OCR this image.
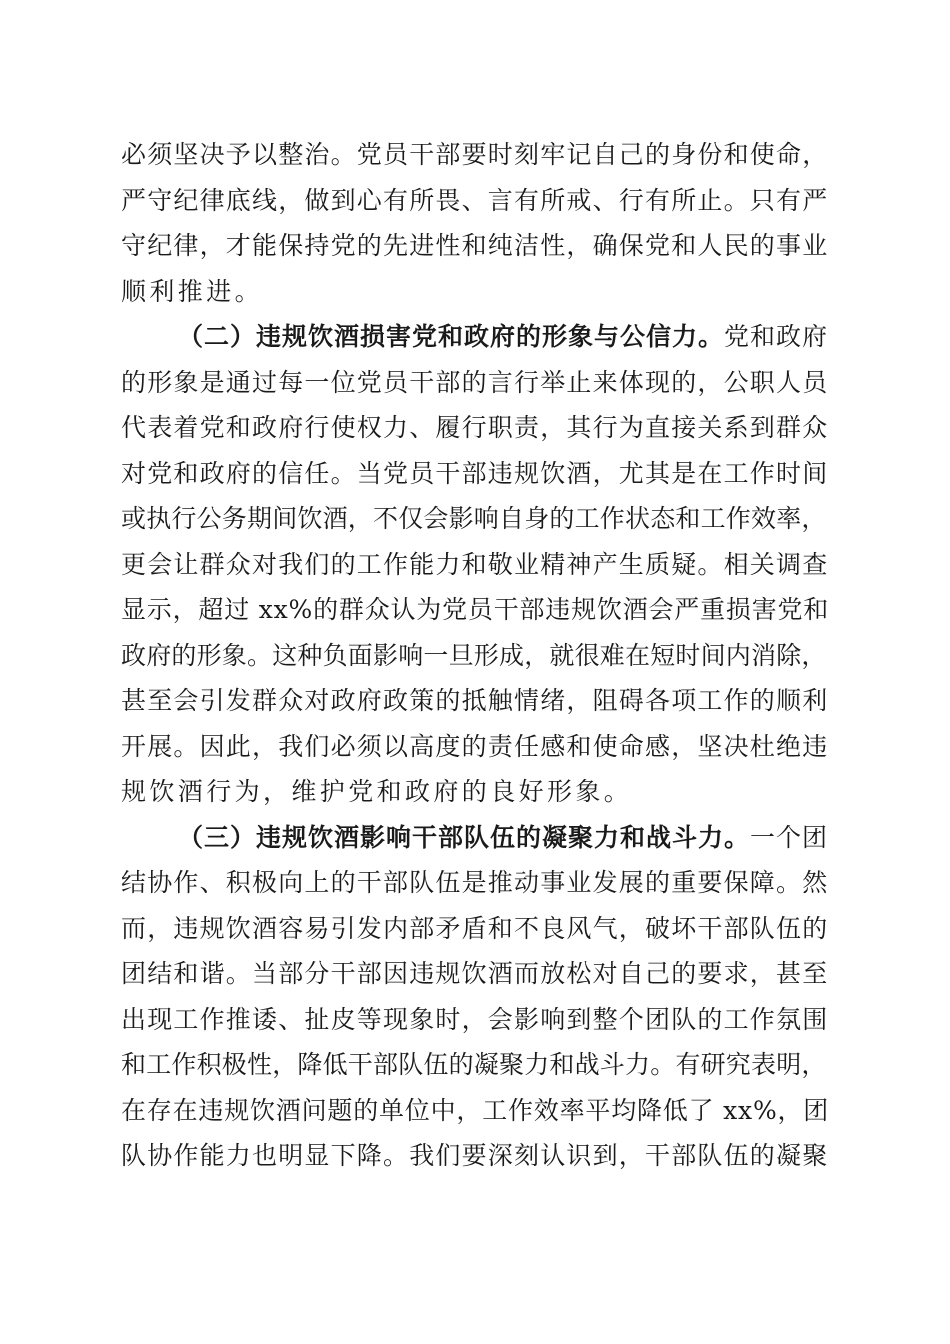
必须坚决予以整治。党员干部要时刻牢记自己的身份和使命，
严守纪律底线，做到心有所畏、言有所戒、行有所止。只有严
守纪律，才能保持党的先进性和纯洁性，确保党和人民的事业
顺利推进。
（二）违规饮酒损害党和政府的形象与公信力。党和政府
的形象是通过每一位党员干部的言行举止来体现的，公职人员
代表着党和政府行使权力、履行职责，其行为直接关系到群众
对党和政府的信任。当党员干部违规饮酒，尤其是在工作时间
或执行公务期间饮酒，不仅会影响自身的工作状态和工作效率，
更会让群众对我们的工作能力和敬业精神产生质疑。相关调查
显示，超过 xx%的群众认为党员干部违规饮酒会严重损害党和
政府的形象。这种负面影响一旦形成，就很难在短时间内消除，
甚至会引发群众对政府政策的抵触情绪，阻碍各项工作的顺利
开展。因此，我们必须以高度的责任感和使命感，坚决杜绝违
规饮酒行为，维护党和政府的良好形象。
（三）违规饮酒影响干部队伍的凝聚力和战斗力。一个团
结协作、积极向上的干部队伍是推动事业发展的重要保障。然
而，违规饮酒容易引发内部矛盾和不良风气，破坏干部队伍的
团结和谐。当部分干部因违规饮酒而放松对自己的要求，甚至
出现工作推诿、扯皮等现象时，会影响到整个团队的工作氛围
和工作积极性，降低干部队伍的凝聚力和战斗力。有研究表明，
在存在违规饮酒问题的单位中，工作效率平均降低了 xx%，团
队协作能力也明显下降。我们要深刻认识到，干部队伍的凝聚
